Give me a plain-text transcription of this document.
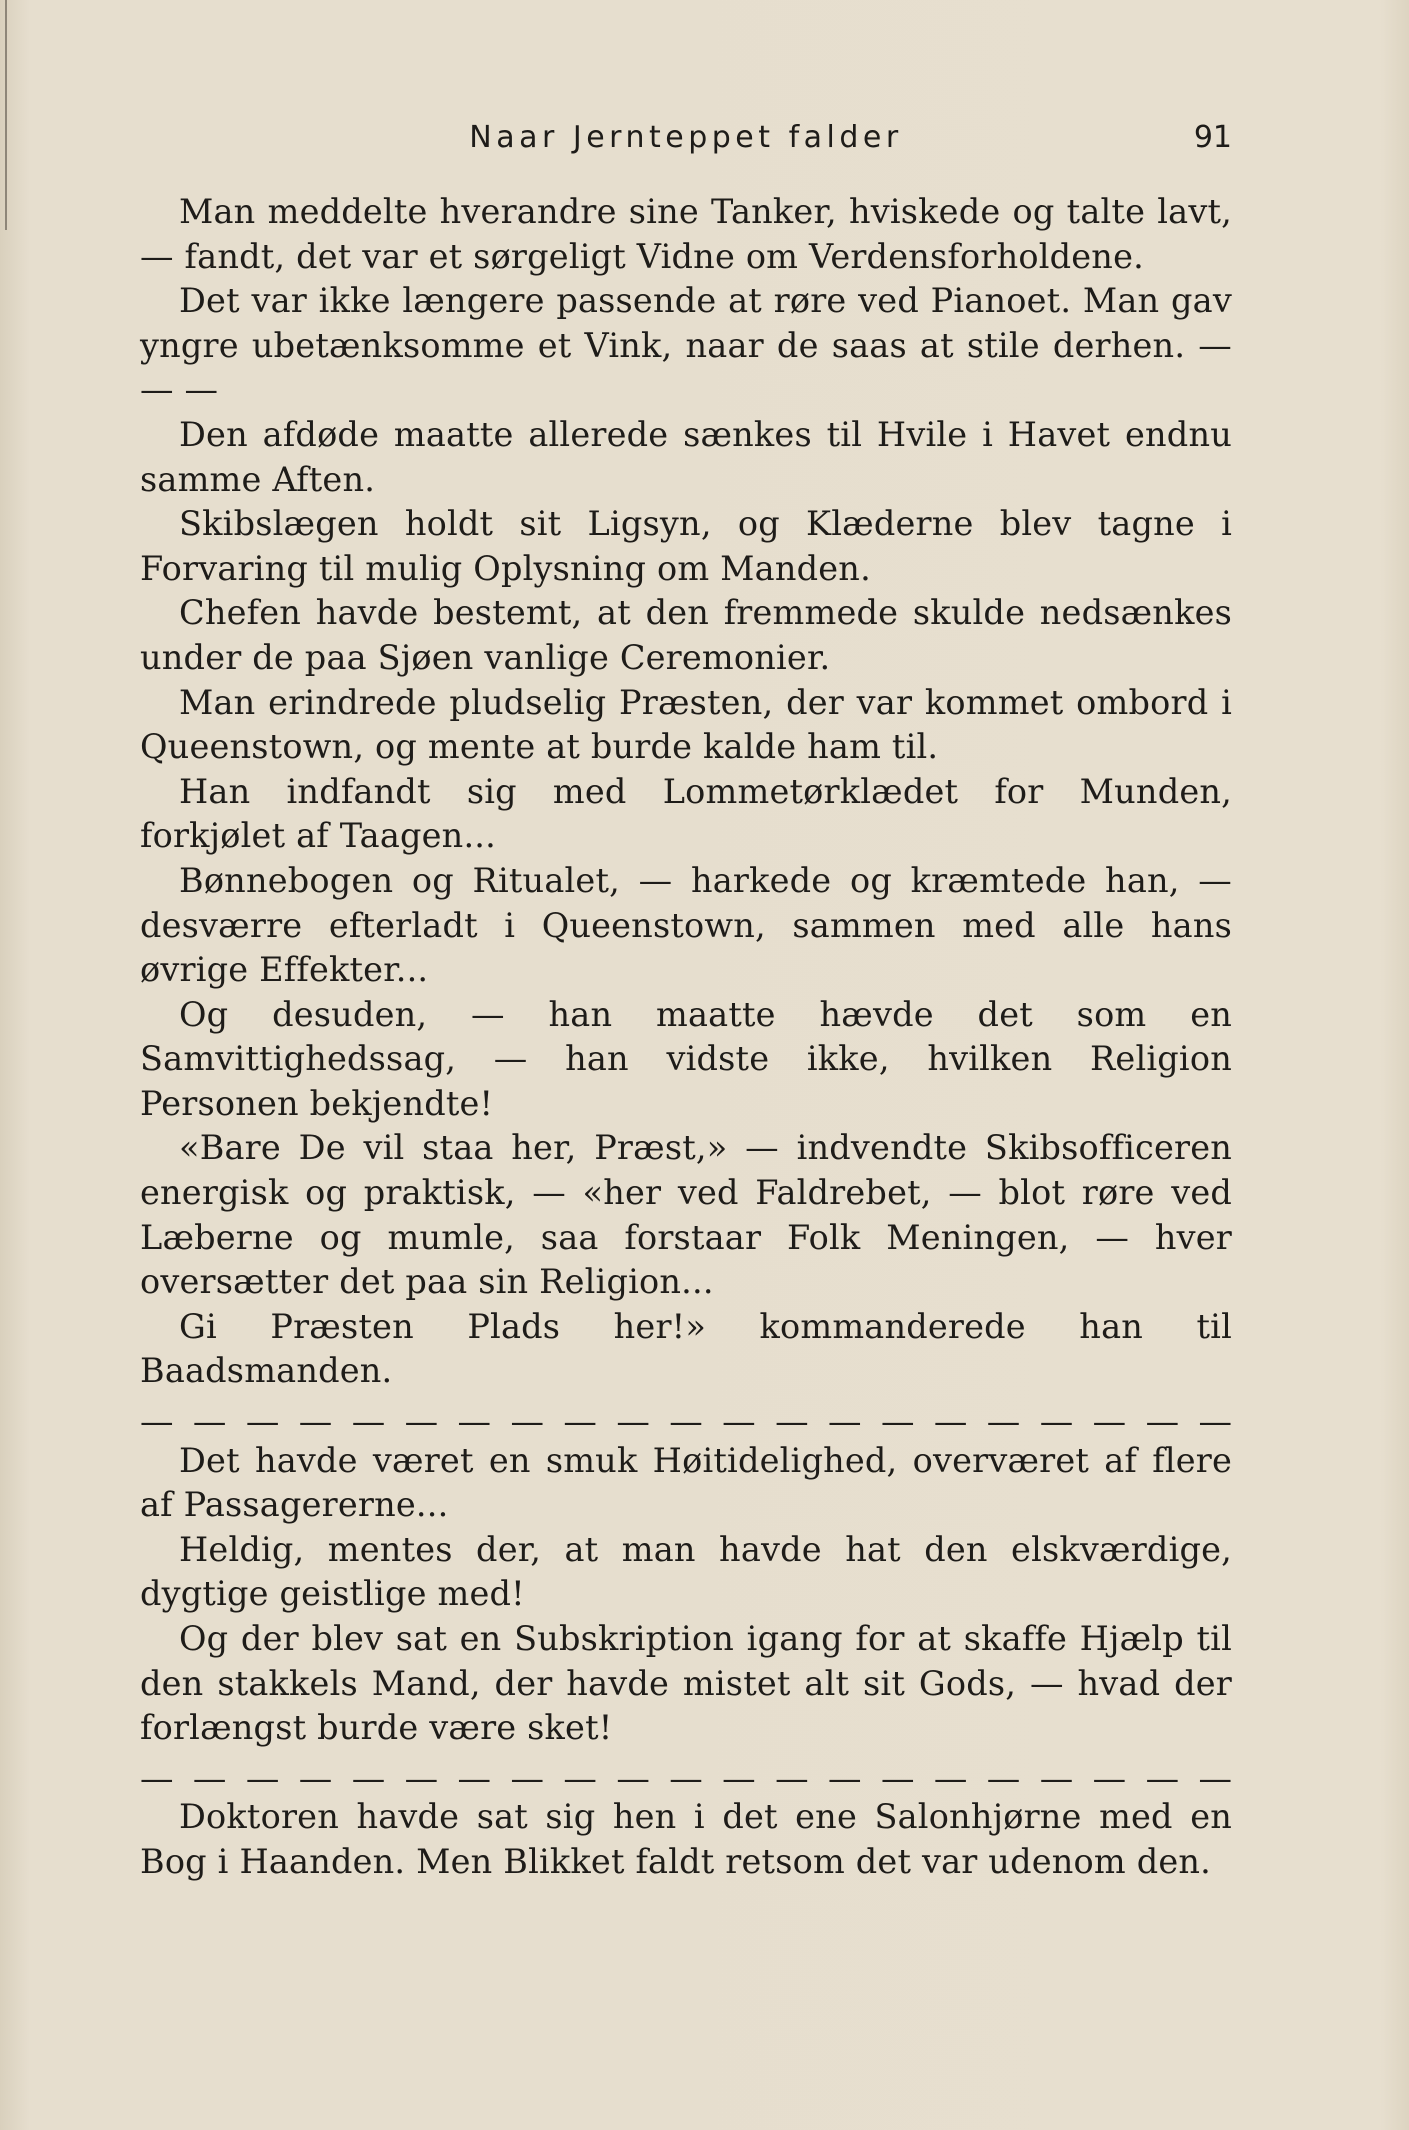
Naar Jernteppet falder	91

Man meddelte hverandre sine Tanker, hviskede og talte lavt, — fandt, det var et sørgeligt Vidne om Verdensforholdene.

Det var ikke længere passende at røre ved Pianoet. Man gav yngre ubetænksomme et Vink, naar de saas at stile derhen. — — —

Den afdøde maatte allerede sænkes til Hvile i Havet endnu samme Aften.

Skibslægen holdt sit Ligsyn, og Klæderne blev tagne i Forvaring til mulig Oplysning om Manden.

Chefen havde bestemt, at den fremmede skulde nedsænkes under de paa Sjøen vanlige Ceremonier.

Man erindrede pludselig Præsten, der var kommet ombord i Queenstown, og mente at burde kalde ham til.

Han indfandt sig med Lommetørklædet for Munden, forkjølet af Taagen...

Bønnebogen og Ritualet, — harkede og kræmtede han, — desværre efterladt i Queenstown, sammen med alle hans øvrige Effekter...

Og desuden, — han maatte hævde det som en Samvittighedssag, — han vidste ikke, hvilken Religion Personen bekjendte!

«Bare De vil staa her, Præst,» — indvendte Skibsofficeren energisk og praktisk, — «her ved Faldrebet, — blot røre ved Læberne og mumle, saa forstaar Folk Meningen, — hver oversætter det paa sin Religion...

Gi Præsten Plads her!» kommanderede han til Baadsmanden.

— — — — — — — — — — — — — — — — — — — — —

Det havde været en smuk Høitidelighed, overværet af flere af Passagererne...

Heldig, mentes der, at man havde hat den elskværdige, dygtige geistlige med!

Og der blev sat en Subskription igang for at skaffe Hjælp til den stakkels Mand, der havde mistet alt sit Gods, — hvad der forlængst burde være sket!

— — — — — — — — — — — — — — — — — — — — —

Doktoren havde sat sig hen i det ene Salonhjørne med en Bog i Haanden. Men Blikket faldt retsom det var udenom den.
